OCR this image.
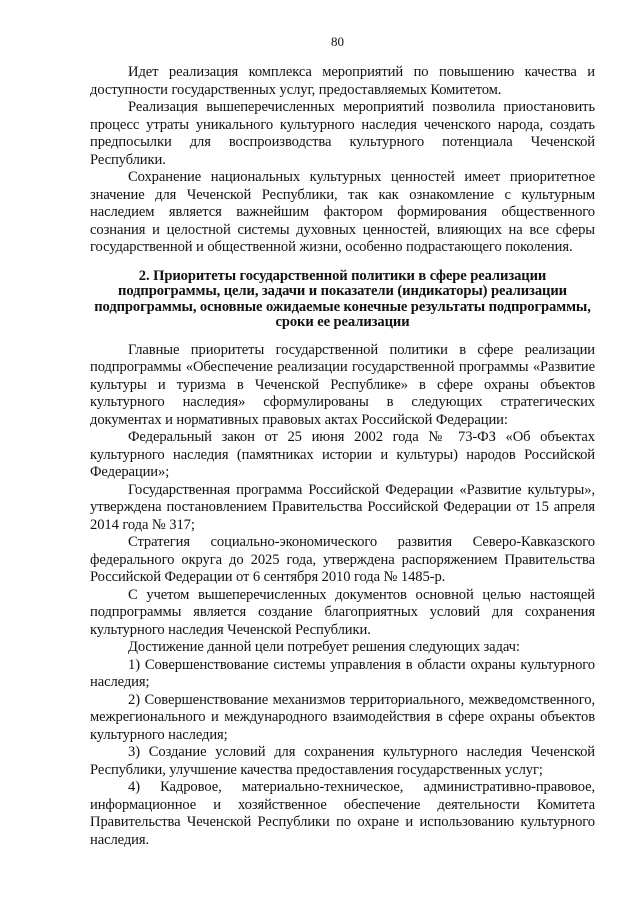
80

Идет реализация комплекса мероприятий по повышению качества и доступности государственных услуг, предоставляемых Комитетом.

Реализация вышеперечисленных мероприятий позволила приостановить процесс утраты уникального культурного наследия чеченского народа, создать предпосылки для воспроизводства культурного потенциала Чеченской Республики.

Сохранение национальных культурных ценностей имеет приоритетное значение для Чеченской Республики, так как ознакомление с культурным наследием является важнейшим фактором формирования общественного сознания и целостной системы духовных ценностей, влияющих на все сферы государственной и общественной жизни, особенно подрастающего поколения.

2. Приоритеты государственной политики в сфере реализации подпрограммы, цели, задачи и показатели (индикаторы) реализации подпрограммы, основные ожидаемые конечные результаты подпрограммы, сроки ее реализации

Главные приоритеты государственной политики в сфере реализации подпрограммы «Обеспечение реализации государственной программы «Развитие культуры и туризма в Чеченской Республике» в сфере охраны объектов культурного наследия» сформулированы в следующих стратегических документах и нормативных правовых актах Российской Федерации:

Федеральный закон от 25 июня 2002 года № 73-ФЗ «Об объектах культурного наследия (памятниках истории и культуры) народов Российской Федерации»;

Государственная программа Российской Федерации «Развитие культуры», утверждена постановлением Правительства Российской Федерации от 15 апреля 2014 года № 317;

Стратегия социально-экономического развития Северо-Кавказского федерального округа до 2025 года, утверждена распоряжением Правительства Российской Федерации от 6 сентября 2010 года № 1485-р.

С учетом вышеперечисленных документов основной целью настоящей подпрограммы является создание благоприятных условий для сохранения культурного наследия Чеченской Республики.

Достижение данной цели потребует решения следующих задач:

1) Совершенствование системы управления в области охраны культурного наследия;

2) Совершенствование механизмов территориального, межведомственного, межрегионального и международного взаимодействия в сфере охраны объектов культурного наследия;

3) Создание условий для сохранения культурного наследия Чеченской Республики, улучшение качества предоставления государственных услуг;

4) Кадровое, материально-техническое, административно-правовое, информационное и хозяйственное обеспечение деятельности Комитета Правительства Чеченской Республики по охране и использованию культурного наследия.
